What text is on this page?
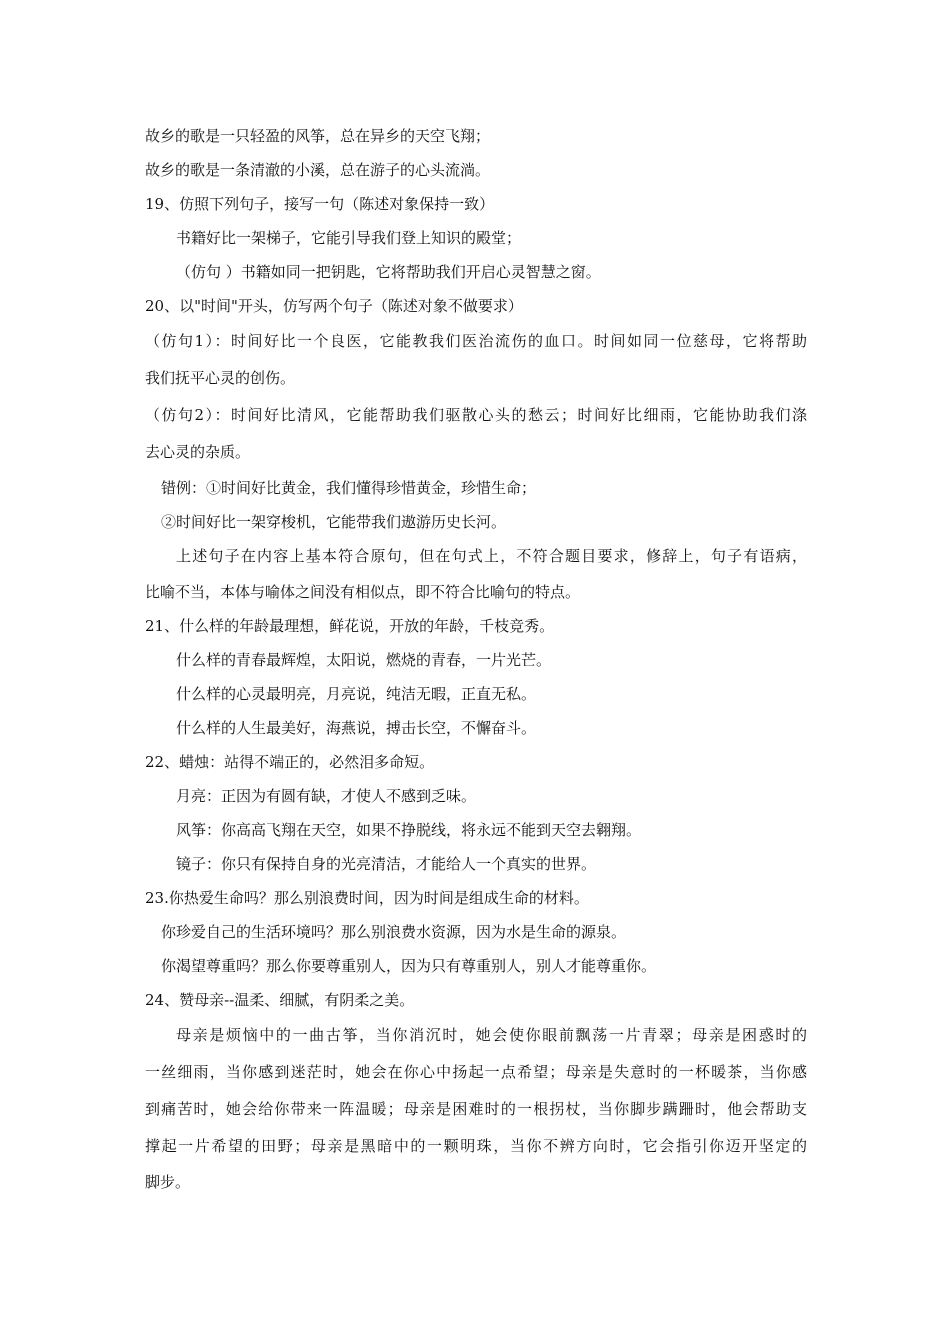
故乡的歌是一只轻盈的风筝，总在异乡的天空飞翔；
故乡的歌是一条清澈的小溪，总在游子的心头流淌。
19、仿照下列句子，接写一句（陈述对象保持一致）
书籍好比一架梯子，它能引导我们登上知识的殿堂；
（仿句 ）书籍如同一把钥匙，它将帮助我们开启心灵智慧之窗。
20、以"时间"开头，仿写两个句子（陈述对象不做要求）
（仿句1）：时间好比一个良医，它能教我们医治流伤的血口。时间如同一位慈母，它将帮助
我们抚平心灵的创伤。
（仿句2）：时间好比清风，它能帮助我们驱散心头的愁云；时间好比细雨，它能协助我们涤
去心灵的杂质。
错例：①时间好比黄金，我们懂得珍惜黄金，珍惜生命；
②时间好比一架穿梭机，它能带我们遨游历史长河。
上述句子在内容上基本符合原句，但在句式上，不符合题目要求，修辞上，句子有语病，
比喻不当，本体与喻体之间没有相似点，即不符合比喻句的特点。
21、什么样的年龄最理想，鲜花说，开放的年龄，千枝竞秀。
什么样的青春最辉煌，太阳说，燃烧的青春，一片光芒。
什么样的心灵最明亮，月亮说，纯洁无暇，正直无私。
什么样的人生最美好，海燕说，搏击长空，不懈奋斗。
22、蜡烛：站得不端正的，必然泪多命短。
月亮：正因为有圆有缺，才使人不感到乏味。
风筝：你高高飞翔在天空，如果不挣脱线，将永远不能到天空去翱翔。
镜子：你只有保持自身的光亮清洁，才能给人一个真实的世界。
23.你热爱生命吗？那么别浪费时间，因为时间是组成生命的材料。
你珍爱自己的生活环境吗？那么别浪费水资源，因为水是生命的源泉。
你渴望尊重吗？那么你要尊重别人，因为只有尊重别人，别人才能尊重你。
24、赞母亲--温柔、细腻，有阴柔之美。
母亲是烦恼中的一曲古筝，当你消沉时，她会使你眼前飘荡一片青翠；母亲是困惑时的
一丝细雨，当你感到迷茫时，她会在你心中扬起一点希望；母亲是失意时的一杯暖茶，当你感
到痛苦时，她会给你带来一阵温暖；母亲是困难时的一根拐杖，当你脚步蹒跚时，他会帮助支
撑起一片希望的田野；母亲是黑暗中的一颗明珠，当你不辨方向时，它会指引你迈开坚定的
脚步。
